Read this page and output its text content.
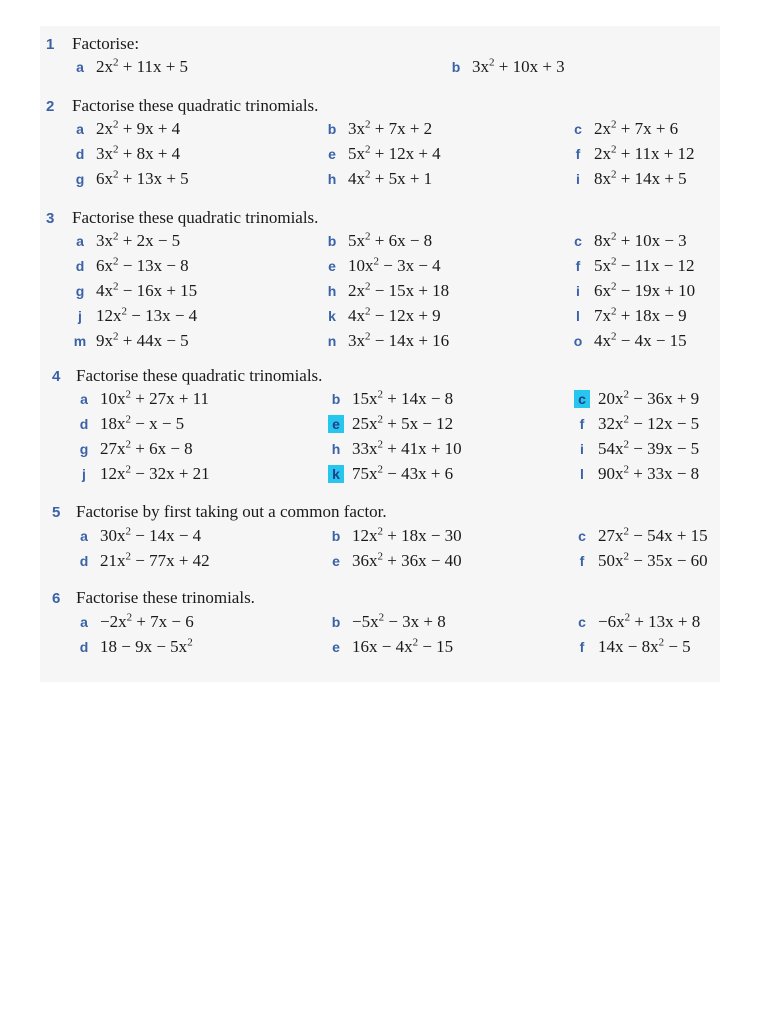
1 Factorise:
a $2x^2 + 11x + 5$	b $3x^2 + 10x + 3$
2 Factorise these quadratic trinomials.
a $2x^2 + 9x + 4$	b $3x^2 + 7x + 2$	c $2x^2 + 7x + 6$
d $3x^2 + 8x + 4$	e $5x^2 + 12x + 4$	f $2x^2 + 11x + 12$
g $6x^2 + 13x + 5$	h $4x^2 + 5x + 1$	i $8x^2 + 14x + 5$
3 Factorise these quadratic trinomials.
a $3x^2 + 2x - 5$	b $5x^2 + 6x - 8$	c $8x^2 + 10x - 3$
d $6x^2 - 13x - 8$	e $10x^2 - 3x - 4$	f $5x^2 - 11x - 12$
g $4x^2 - 16x + 15$	h $2x^2 - 15x + 18$	i $6x^2 - 19x + 10$
j $12x^2 - 13x - 4$	k $4x^2 - 12x + 9$	l $7x^2 + 18x - 9$
m $9x^2 + 44x - 5$	n $3x^2 - 14x + 16$	o $4x^2 - 4x - 15$
4 Factorise these quadratic trinomials.
a $10x^2 + 27x + 11$	b $15x^2 + 14x - 8$	c $20x^2 - 36x + 9$
d $18x^2 - x - 5$	e $25x^2 + 5x - 12$	f $32x^2 - 12x - 5$
g $27x^2 + 6x - 8$	h $33x^2 + 41x + 10$	i $54x^2 - 39x - 5$
j $12x^2 - 32x + 21$	k $75x^2 - 43x + 6$	l $90x^2 + 33x - 8$
5 Factorise by first taking out a common factor.
a $30x^2 - 14x - 4$	b $12x^2 + 18x - 30$	c $27x^2 - 54x + 15$
d $21x^2 - 77x + 42$	e $36x^2 + 36x - 40$	f $50x^2 - 35x - 60$
6 Factorise these trinomials.
$a -2x^2 + 7x - 6$	$b -5x^2 - 3x + 8$	$c -6x^2 + 13x + 8$
d $18 - 9x - 5x^2$	e $16x - 4x^2 - 15$	f $14x - 8x^2 - 5$
